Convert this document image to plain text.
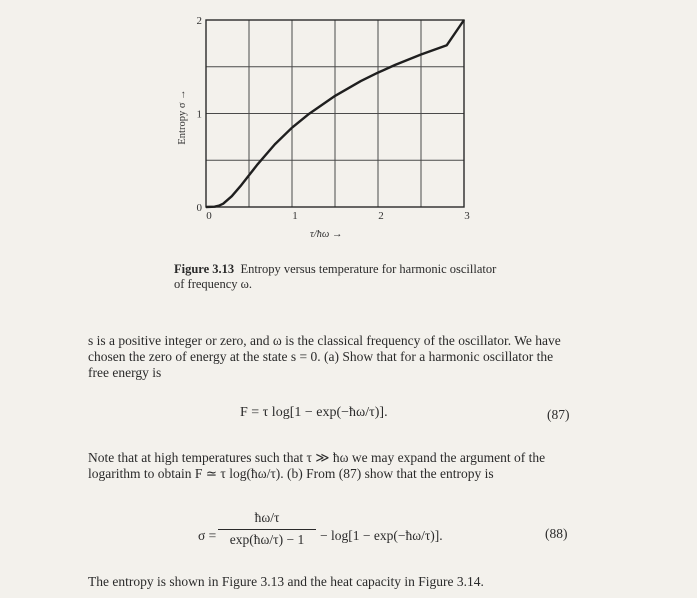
0	1	2	3
0
1
2
τ/ħω →
Entropy σ →
Figure 3.13 Entropy versus temperature for harmonic oscillator of frequency ω.
s is a positive integer or zero, and ω is the classical frequency of the oscillator. We have chosen the zero of energy at the state s = 0. (a) Show that for a harmonic oscillator the free energy is
F = τ log[1 − exp(−ħω/τ)].	(87)
Note that at high temperatures such that τ ≫ ħω we may expand the argument of the logarithm to obtain F ≃ τ log(ħω/τ). (b) From (87) show that the entropy is
$\sigma = \frac{ħ\omega/\tau}{\exp(ħ\omega/\tau) - 1} - \log[1$ − exp(−ħω/τ)].	(88)
The entropy is shown in Figure 3.13 and the heat capacity in Figure 3.14.
